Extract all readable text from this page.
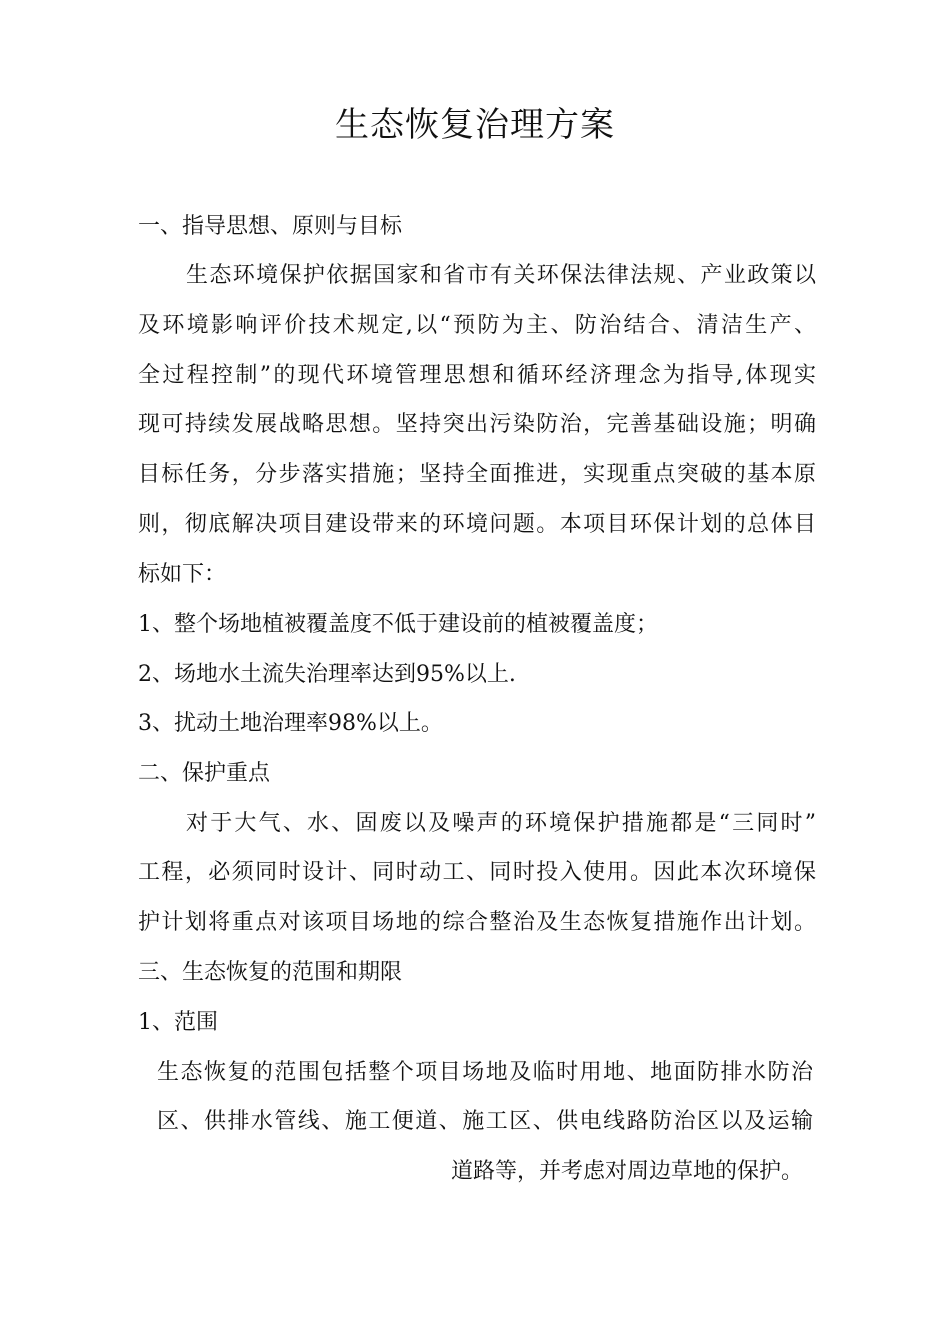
生态恢复治理方案
一、指导思想、原则与目标
生态环境保护依据国家和省市有关环保法律法规、产业政策以
及环境影响评价技术规定,以“预防为主、防治结合、清洁生产、
全过程控制”的现代环境管理思想和循环经济理念为指导,体现实
现可持续发展战略思想。坚持突出污染防治，完善基础设施；明确
目标任务，分步落实措施；坚持全面推进，实现重点突破的基本原
则，彻底解决项目建设带来的环境问题。本项目环保计划的总体目
标如下：
1、整个场地植被覆盖度不低于建设前的植被覆盖度；
2、场地水土流失治理率达到95%以上.
3、扰动土地治理率98%以上。
二、保护重点
对于大气、水、固废以及噪声的环境保护措施都是“三同时”
工程，必须同时设计、同时动工、同时投入使用。因此本次环境保
护计划将重点对该项目场地的综合整治及生态恢复措施作出计划。
三、生态恢复的范围和期限
1、范围
生态恢复的范围包括整个项目场地及临时用地、地面防排水防治
区、供排水管线、施工便道、施工区、供电线路防治区以及运输
道路等，并考虑对周边草地的保护。
